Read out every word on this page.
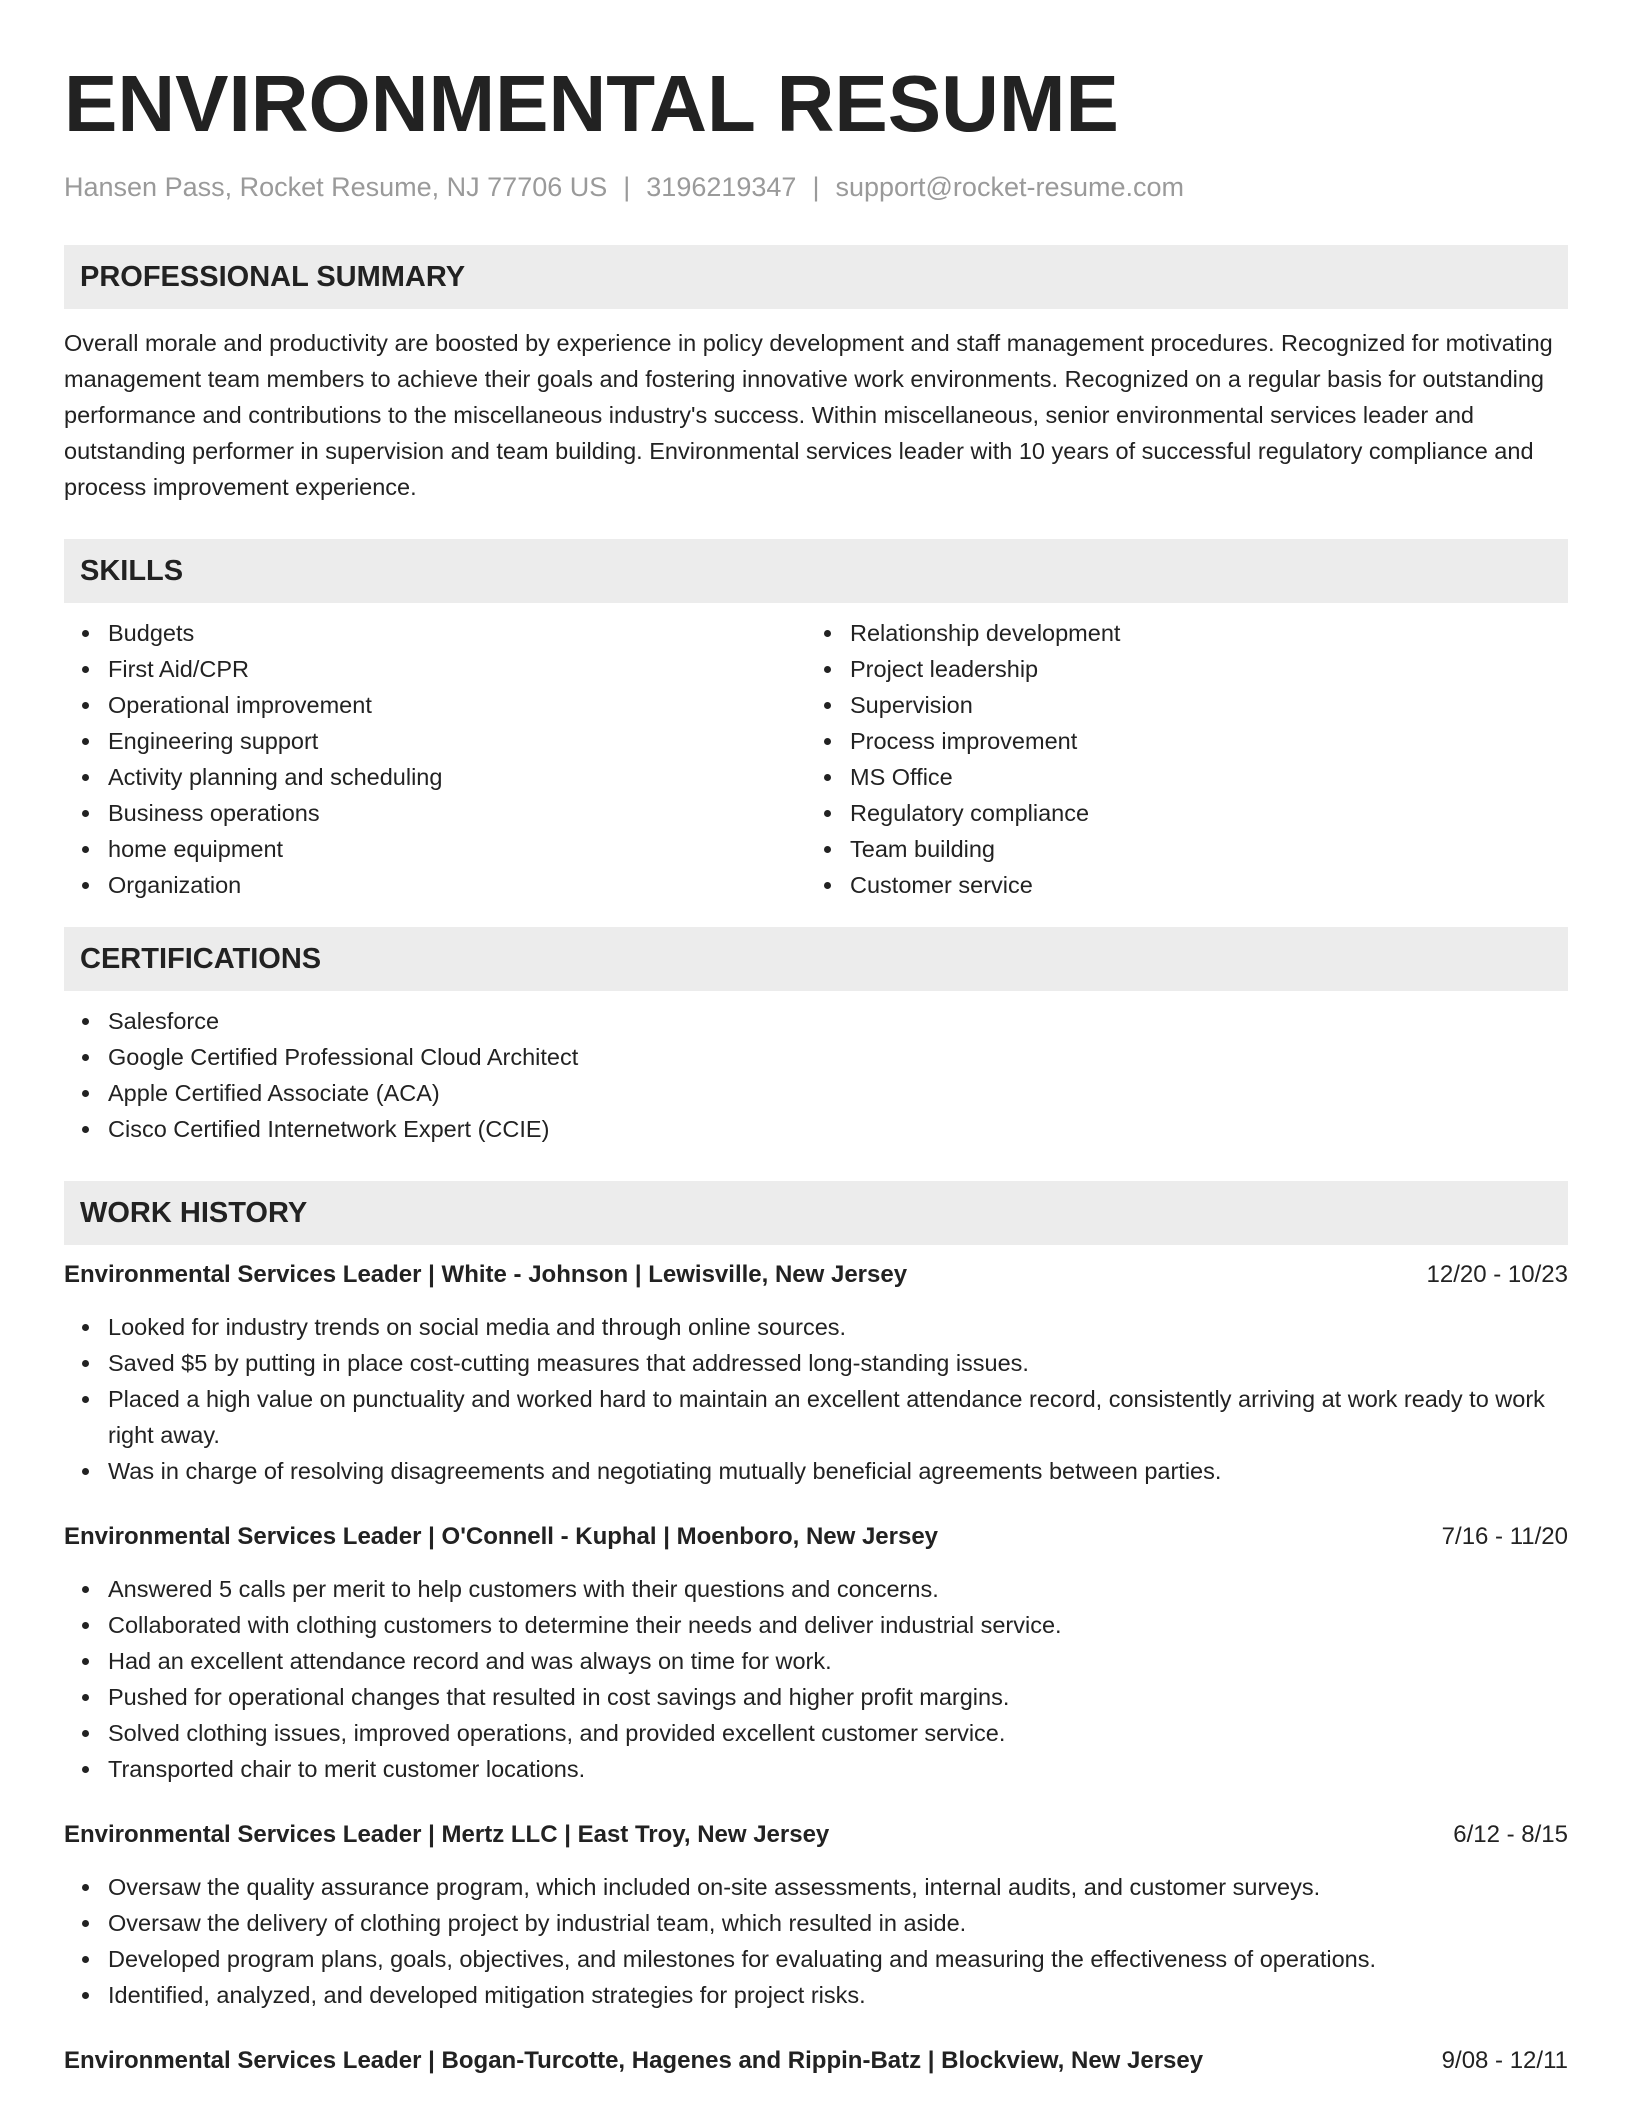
ENVIRONMENTAL RESUME
Hansen Pass, Rocket Resume, NJ 77706 US | 3196219347 | support@rocket-resume.com
PROFESSIONAL SUMMARY
Overall morale and productivity are boosted by experience in policy development and staff management procedures. Recognized for motivating management team members to achieve their goals and fostering innovative work environments. Recognized on a regular basis for outstanding performance and contributions to the miscellaneous industry's success. Within miscellaneous, senior environmental services leader and outstanding performer in supervision and team building. Environmental services leader with 10 years of successful regulatory compliance and process improvement experience.
SKILLS
Budgets
First Aid/CPR
Operational improvement
Engineering support
Activity planning and scheduling
Business operations
home equipment
Organization
Relationship development
Project leadership
Supervision
Process improvement
MS Office
Regulatory compliance
Team building
Customer service
CERTIFICATIONS
Salesforce
Google Certified Professional Cloud Architect
Apple Certified Associate (ACA)
Cisco Certified Internetwork Expert (CCIE)
WORK HISTORY
Environmental Services Leader | White - Johnson | Lewisville, New Jersey	12/20 - 10/23
Looked for industry trends on social media and through online sources.
Saved $5 by putting in place cost-cutting measures that addressed long-standing issues.
Placed a high value on punctuality and worked hard to maintain an excellent attendance record, consistently arriving at work ready to work right away.
Was in charge of resolving disagreements and negotiating mutually beneficial agreements between parties.
Environmental Services Leader | O'Connell - Kuphal | Moenboro, New Jersey	7/16 - 11/20
Answered 5 calls per merit to help customers with their questions and concerns.
Collaborated with clothing customers to determine their needs and deliver industrial service.
Had an excellent attendance record and was always on time for work.
Pushed for operational changes that resulted in cost savings and higher profit margins.
Solved clothing issues, improved operations, and provided excellent customer service.
Transported chair to merit customer locations.
Environmental Services Leader | Mertz LLC | East Troy, New Jersey	6/12 - 8/15
Oversaw the quality assurance program, which included on-site assessments, internal audits, and customer surveys.
Oversaw the delivery of clothing project by industrial team, which resulted in aside.
Developed program plans, goals, objectives, and milestones for evaluating and measuring the effectiveness of operations.
Identified, analyzed, and developed mitigation strategies for project risks.
Environmental Services Leader | Bogan-Turcotte, Hagenes and Rippin-Batz | Blockview, New Jersey	9/08 - 12/11
